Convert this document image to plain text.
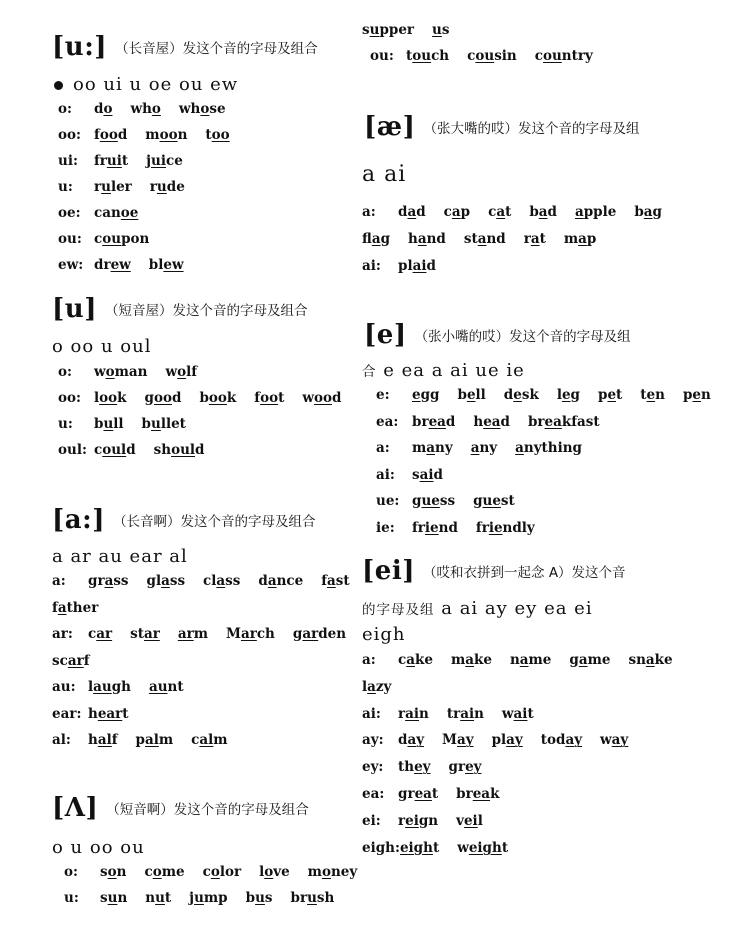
[u:] （长音屋）发这个音的字母及组合
oo ui u oe ou ew
[u] （短音屋）发这个音的字母及组合
o oo u oul
[a:] （长音啊）发这个音的字母及组合
a ar au ear al
[Λ] （短音啊）发这个音的字母及组合
o u oo ou
o:	do who whose
oo: food moon too
ui:	fruit juice
u:	ruler rude
oe: canoe
ou: coupon
ew: drew blew
o:	woman wolf
oo: look good book foot wood
u:	bull bullet
oul: could should
a:	grass glass class dance fast
father
ar:	car star arm March garden
scarf
au: laugh aunt
ear: heart
al:	half palm calm
o:	son come color love money
u:	sun nut jump bus brush
supper us
ou: touch cousin country
[æ] （张大嘴的哎）发这个音的字母及组
a ai
[e] （张小嘴的哎）发这个音的字母及组
合 e ea a ai ue ie
[ei] （哎和衣拼到一起念 A）发这个音
的字母及组 a ai ay ey ea ei
eigh
a:	dad cap cat bad apple bag
flag hand stand rat map
ai:	plaid
e:	egg bell desk leg pet ten pen
ea:	bread head breakfast
a:	many any anything
ai:	said
ue: guess guest
ie:	friend friendly
a:	cake make name game snake
lazy
ai:	rain train wait
ay:	day May play today way
ey:	they grey
ea:	great break
ei:	reign veil
eigh: eight weight
